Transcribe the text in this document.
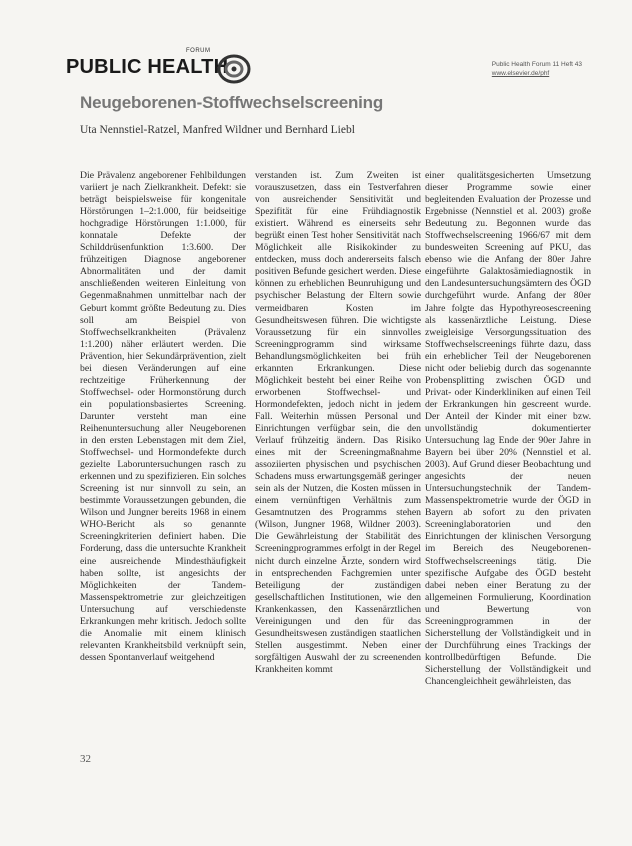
FORUM
PUBLIC HEALTH	Public Health Forum 11 Heft 43
www.elsevier.de/phf
Neugeborenen-Stoffwechselscreening
Uta Nennstiel-Ratzel, Manfred Wildner und Bernhard Liebl

Die Prävalenz angeborener Fehlbildungen variiert je nach Zielkrankheit. Defekt: sie beträgt beispielsweise für kongenitale Hörstörungen 1–2:1.000, für beidseitige hochgradige Hörstörungen 1:1.000, für konnatale Defekte der Schilddrüsenfunktion 1:3.600. Der frühzeitigen Diagnose angeborener Abnormalitäten und der damit anschließenden weiteren Einleitung von Gegenmaßnahmen unmittelbar nach der Geburt kommt größte Bedeutung zu. Dies soll am Beispiel von Stoffwechselkrankheiten (Prävalenz 1:1.200) näher erläutert werden. Die Prävention, hier Sekundärprävention, zielt bei diesen Veränderungen auf eine rechtzeitige Früherkennung der Stoffwechsel- oder Hormonstörung durch ein populationsbasiertes Screening. Darunter versteht man eine Reihenuntersuchung aller Neugeborenen in den ersten Lebenstagen mit dem Ziel, Stoffwechsel- und Hormondefekte durch gezielte Laboruntersuchungen rasch zu erkennen und zu spezifizieren. Ein solches Screening ist nur sinnvoll zu sein, an bestimmte Voraussetzungen gebunden, die Wilson und Jungner bereits 1968 in einem WHO-Bericht als so genannte Screeningkriterien definiert haben. Die Forderung, dass die untersuchte Krankheit eine ausreichende Mindesthäufigkeit haben sollte, ist angesichts der Möglichkeiten der Tandem-Massenspektrometrie zur gleichzeitigen Untersuchung auf verschiedenste Erkrankungen mehr kritisch. Jedoch sollte die Anomalie mit einem klinisch relevanten Krankheitsbild verknüpft sein, dessen Spontanverlauf weitgehend

verstanden ist. Zum Zweiten ist vorauszusetzen, dass ein Testverfahren von ausreichender Sensitivität und Spezifität für eine Frühdiagnostik existiert. Während es einerseits sehr begrüßt einen Test hoher Sensitivität nach Möglichkeit alle Risikokinder zu entdecken, muss doch andererseits falsch positiven Befunde gesichert werden. Diese können zu erheblichen Beunruhigung und psychischer Belastung der Eltern sowie vermeidbaren Kosten im Gesundheitswesen führen. Die wichtigste Voraussetzung für ein sinnvolles Screeningprogramm sind wirksame Behandlungsmöglichkeiten bei früh erkannten Erkrankungen. Diese Möglichkeit besteht bei einer Reihe von erworbenen Stoffwechsel- und Hormondefekten, jedoch nicht in jedem Fall. Weiterhin müssen Personal und Einrichtungen verfügbar sein, die den Verlauf frühzeitig ändern. Das Risiko eines mit der Screeningmaßnahme assoziierten physischen und psychischen Schadens muss erwartungsgemäß geringer sein als der Nutzen, die Kosten müssen in einem vernünftigen Verhältnis zum Gesamtnutzen des Programms stehen (Wilson, Jungner 1968, Wildner 2003). Die Gewährleistung der Stabilität des Screeningprogrammes erfolgt in der Regel nicht durch einzelne Ärzte, sondern wird in entsprechenden Fachgremien unter Beteiligung der zuständigen gesellschaftlichen Institutionen, wie den Krankenkassen, den Kassenärztlichen Vereinigungen und den für das Gesundheitswesen zuständigen staatlichen Stellen ausgestimmt. Neben einer sorgfältigen Auswahl der zu screenenden Krankheiten kommt

einer qualitätsgesicherten Umsetzung dieser Programme sowie einer begleitenden Evaluation der Prozesse und Ergebnisse (Nennstiel et al. 2003) große Bedeutung zu. Begonnen wurde das Stoffwechselscreening 1966/67 mit dem bundesweiten Screening auf PKU, das ebenso wie die Anfang der 80er Jahre eingeführte Galaktosämiediagnostik in den Landesuntersuchungsämtern des ÖGD durchgeführt wurde. Anfang der 80er Jahre folgte das Hypothyreosescreening als kassenärztliche Leistung. Diese zweigleisige Versorgungssituation des Stoffwechselscreenings führte dazu, dass ein erheblicher Teil der Neugeborenen nicht oder beliebig durch das sogenannte Probensplitting zwischen ÖGD und Privat- oder Kinderkliniken auf einen Teil der Erkrankungen hin gescreent wurde. Der Anteil der Kinder mit einer bzw. unvollständig dokumentierter Untersuchung lag Ende der 90er Jahre in Bayern bei über 20% (Nennstiel et al. 2003). Auf Grund dieser Beobachtung und angesichts der neuen Untersuchungstechnik der Tandem-Massenspektrometrie wurde der ÖGD in Bayern ab sofort zu den privaten Screeninglaboratorien und den Einrichtungen der klinischen Versorgung im Bereich des Neugeborenen-Stoffwechselscreenings tätig. Die spezifische Aufgabe des ÖGD besteht dabei neben einer Beratung zu der allgemeinen Formulierung, Koordination und Bewertung von Screeningprogrammen in der Sicherstellung der Vollständigkeit und in der Durchführung eines Trackings der kontrollbedürftigen Befunde. Die Sicherstellung der Vollständigkeit und Chancengleichheit gewährleisten, das

32
